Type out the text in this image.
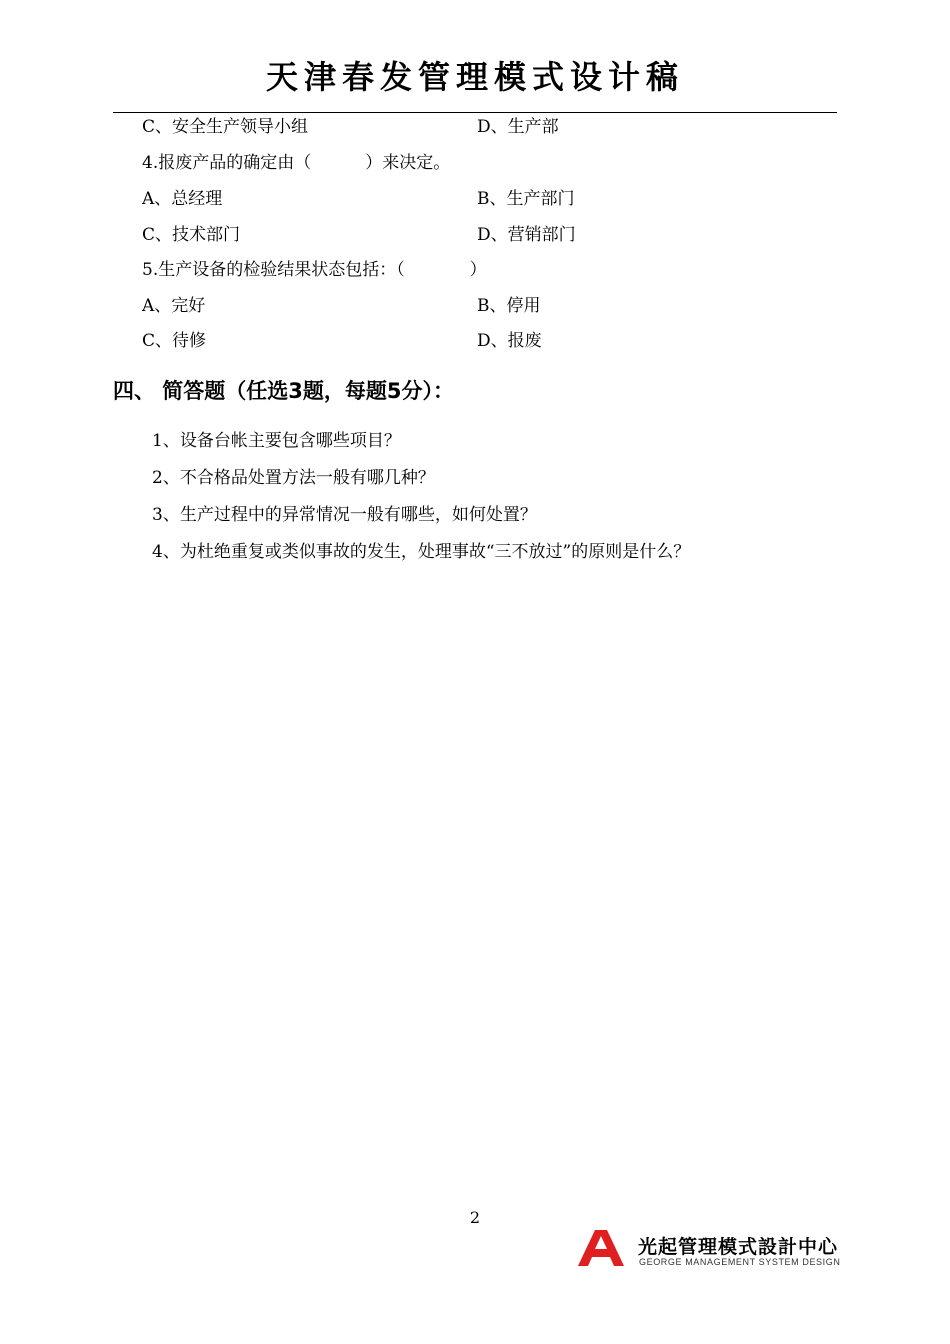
天津春发管理模式设计稿
C、安全生产领导小组	D、生产部
4.报废产品的确定由（          ）来决定。
A、总经理	B、生产部门
C、技术部门	D、营销部门
5.生产设备的检验结果状态包括：（            ）
A、完好	B、停用
C、待修	D、报废
四、 简答题（任选3题，每题5分）：
1、设备台帐主要包含哪些项目？
2、不合格品处置方法一般有哪几种？
3、生产过程中的异常情况一般有哪些，如何处置？
4、为杜绝重复或类似事故的发生，处理事故“三不放过”的原则是什么？
2
光起管理模式設計中心
GEORGE MANAGEMENT SYSTEM DESIGN
